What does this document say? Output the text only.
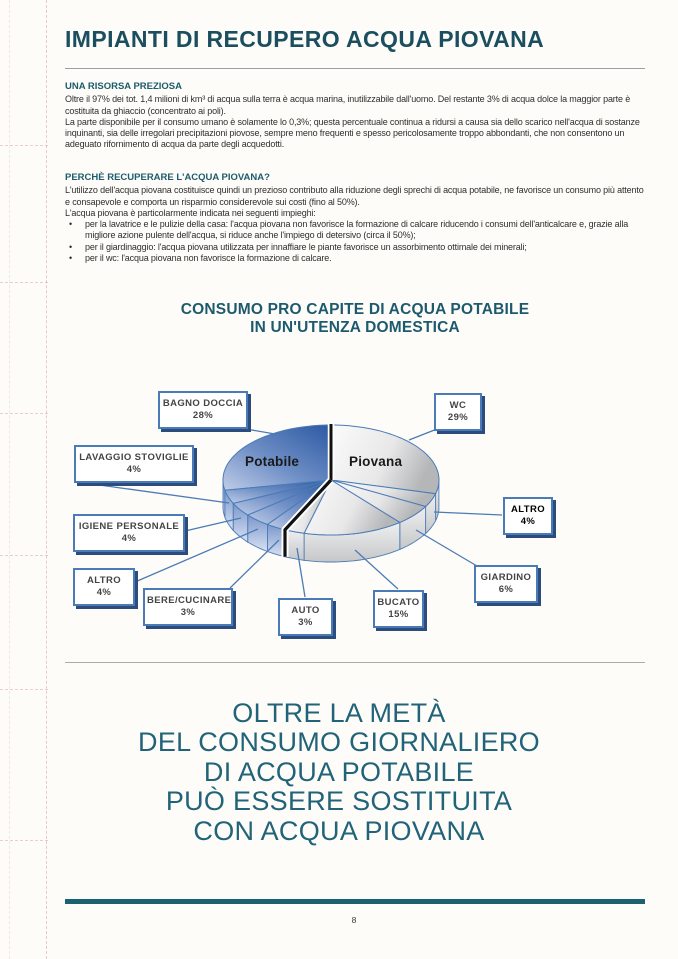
IMPIANTI DI RECUPERO ACQUA PIOVANA

UNA RISORSA PREZIOSA

Oltre il 97% dei tot. 1,4 milioni di km³ di acqua sulla terra è acqua marina, inutilizzabile dall'uomo. Del restante 3% di acqua dolce la maggior parte è costituita da ghiaccio (concentrato ai poli).

La parte disponibile per il consumo umano è solamente lo 0,3%; questa percentuale continua a ridursi a causa sia dello scarico nell'acqua di sostanze inquinanti, sia delle irregolari precipitazioni piovose, sempre meno frequenti e spesso pericolosamente troppo abbondanti, che non consentono un adeguato rifornimento di acqua da parte degli acquedotti.

PERCHÈ RECUPERARE L'ACQUA PIOVANA?

L'utilizzo dell'acqua piovana costituisce quindi un prezioso contributo alla riduzione degli sprechi di acqua potabile, ne favorisce un consumo più attento e consapevole e comporta un risparmio considerevole sui costi (fino al 50%).

L'acqua piovana è particolarmente indicata nei seguenti impieghi:

•	per la lavatrice e le pulizie della casa: l'acqua piovana non favorisce la formazione di calcare riducendo i consumi dell'anticalcare e, grazie alla migliore azione pulente dell'acqua, si riduce anche l'impiego di detersivo (circa il 50%);
•	per il giardinaggio: l'acqua piovana utilizzata per innaffiare le piante favorisce un assorbimento ottimale dei minerali;
•	per il wc: l'acqua piovana non favorisce la formazione di calcare.
CONSUMO PRO CAPITE DI ACQUA POTABILE
IN UN'UTENZA DOMESTICA
Potabile	Piovana
BAGNO DOCCIA
28%
WC
29%
LAVAGGIO STOVIGLIE
4%
IGIENE PERSONALE
4%
ALTRO
4%
ALTRO
4%
GIARDINO
6%
BERE/CUCINARE
3%
BUCATO
15%
AUTO
3%
OLTRE LA METÀ
DEL CONSUMO GIORNALIERO
DI ACQUA POTABILE
PUÒ ESSERE SOSTITUITA
CON ACQUA PIOVANA
8
